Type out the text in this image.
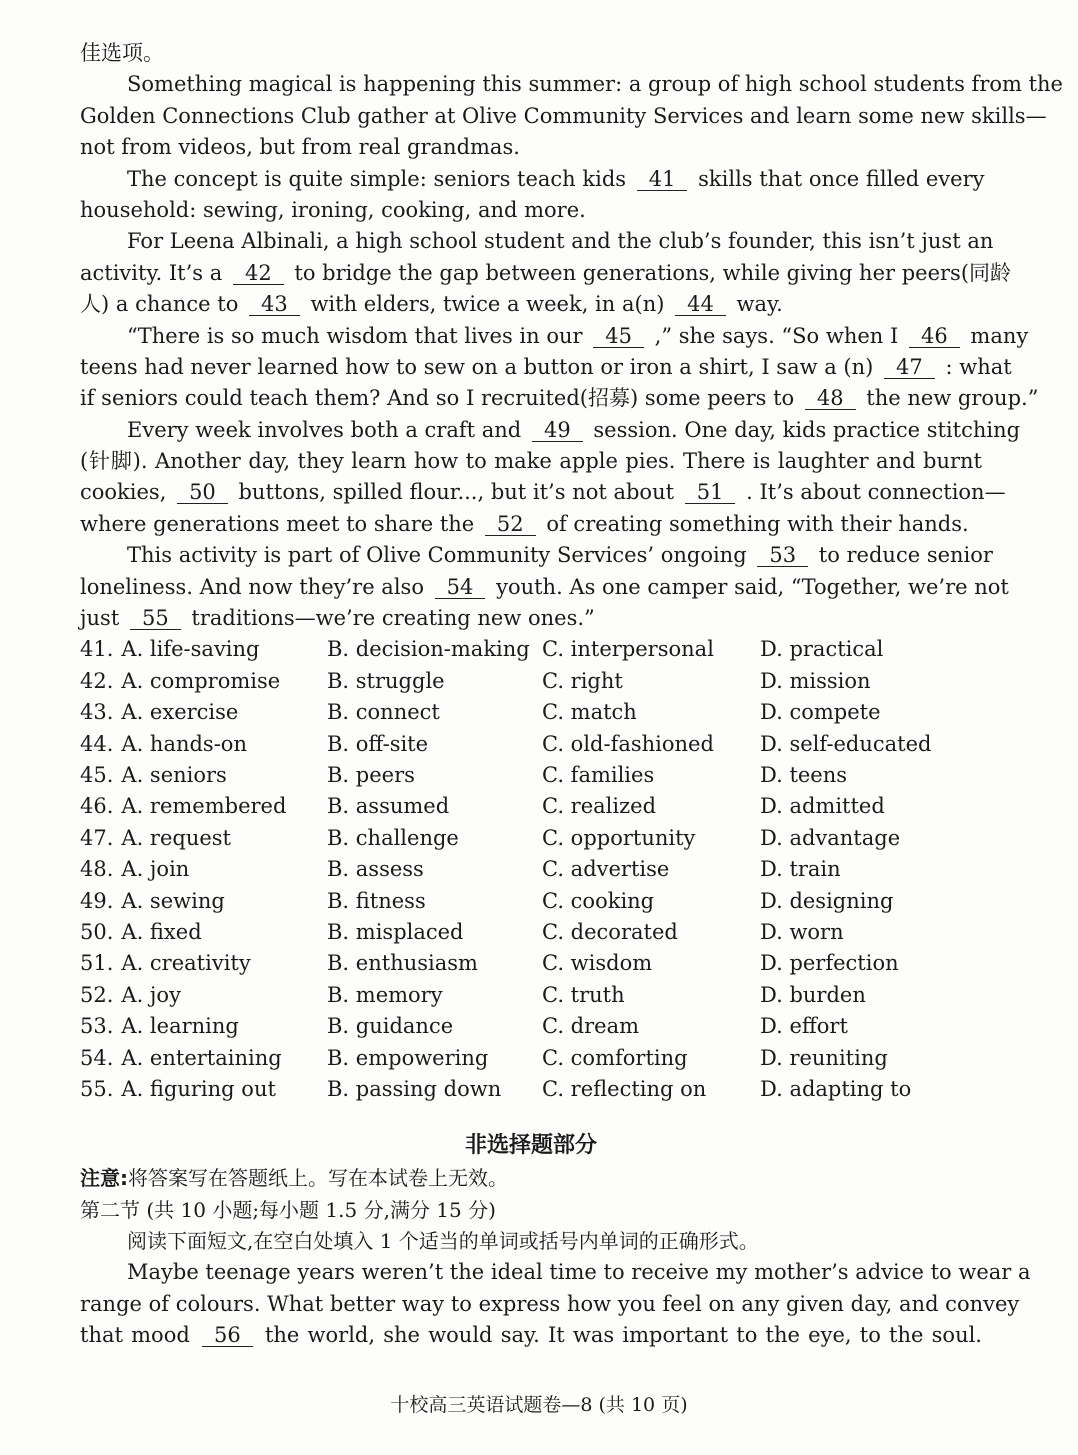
佳选项。
Something magical is happening this summer: a group of high school students from the
Golden Connections Club gather at Olive Community Services and learn some new skills—
not from videos, but from real grandmas.
The concept is quite simple: seniors teach kids 41 skills that once filled every
household: sewing, ironing, cooking, and more.
For Leena Albinali, a high school student and the club’s founder, this isn’t just an
activity. It’s a 42 to bridge the gap between generations, while giving her peers(同龄
人) a chance to 43 with elders, twice a week, in a(n) 44 way.
“There is so much wisdom that lives in our 45 ,” she says. “So when I 46 many
teens had never learned how to sew on a button or iron a shirt, I saw a (n) 47 : what
if seniors could teach them? And so I recruited(招募) some peers to 48 the new group.”
Every week involves both a craft and 49 session. One day, kids practice stitching
(针脚). Another day, they learn how to make apple pies. There is laughter and burnt
cookies, 50 buttons, spilled flour..., but it’s not about 51 . It’s about connection—
where generations meet to share the 52 of creating something with their hands.
This activity is part of Olive Community Services’ ongoing 53 to reduce senior
loneliness. And now they’re also 54 youth. As one camper said, “Together, we’re not
just 55 traditions—we’re creating new ones.”
41. A. life-saving	B. decision-making C. interpersonal D. practical
42. A. compromise B. struggle	C. right	D. mission
43. A. exercise	B. connect	C. match	D. compete
44. A. hands-on	B. off-site	C. old-fashioned D. self-educated
45. A. seniors	B. peers	C. families	D. teens
46. A. remembered B. assumed	C. realized	D. admitted
47. A. request	B. challenge	C. opportunity	D. advantage
48. A. join	B. assess	C. advertise	D. train
49. A. sewing	B. fitness	C. cooking	D. designing
50. A. fixed	B. misplaced	C. decorated	D. worn
51. A. creativity	B. enthusiasm	C. wisdom	D. perfection
52. A. joy	B. memory	C. truth	D. burden
53. A. learning	B. guidance	C. dream	D. effort
54. A. entertaining B. empowering	C. comforting	D. reuniting
55. A. figuring out B. passing down C. reflecting on	D. adapting to
非选择题部分
注意:将答案写在答题纸上。写在本试卷上无效。
第二节 (共 10 小题;每小题 1.5 分,满分 15 分)
阅读下面短文,在空白处填入 1 个适当的单词或括号内单词的正确形式。
Maybe teenage years weren’t the ideal time to receive my mother’s advice to wear a
range of colours. What better way to express how you feel on any given day, and convey
that mood 56 the world, she would say. It was important to the eye, to the soul.
十校高三英语试题卷—8 (共 10 页)
